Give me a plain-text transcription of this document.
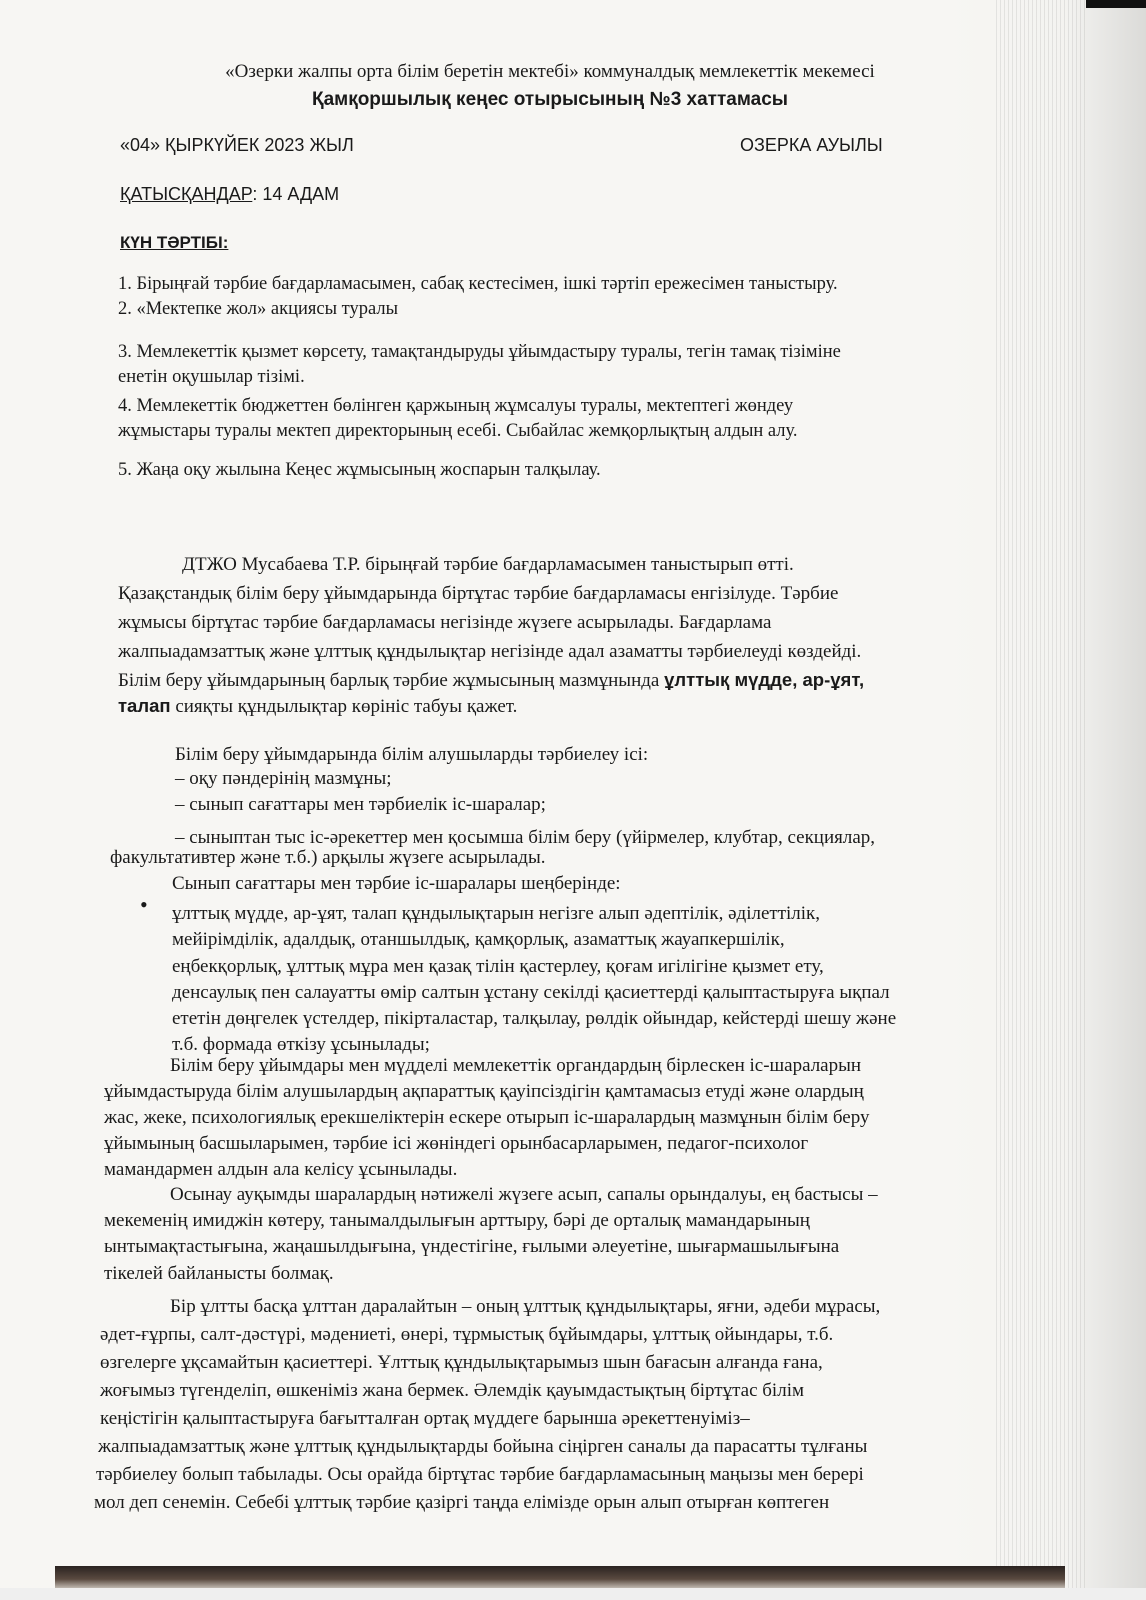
«Озерки жалпы орта білім беретін мектебі» коммуналдық мемлекеттік мекемесі
Қамқоршылық кеңес отырысының №3 хаттамасы
«04» ҚЫРКҮЙЕК 2023 ЖЫЛ	ОЗЕРКА АУЫЛЫ
ҚАТЫСҚАНДАР: 14 АДАМ
КҮН ТӘРТІБІ:
1. Бірыңғай тәрбие бағдарламасымен, сабақ кестесімен, ішкі тәртіп ережесімен таныстыру.
2. «Мектепке жол» акциясы туралы
3. Мемлекеттік қызмет көрсету, тамақтандыруды ұйымдастыру туралы, тегін тамақ тізіміне
енетін оқушылар тізімі.
4. Мемлекеттік бюджеттен бөлінген қаржының жұмсалуы туралы, мектептегі жөндеу
жұмыстары туралы мектеп директорының есебі. Сыбайлас жемқорлықтың алдын алу.
5. Жаңа оқу жылына Кеңес жұмысының жоспарын талқылау.
ДТЖО Мусабаева Т.Р. бірыңғай тәрбие бағдарламасымен таныстырып өтті.
Қазақстандық білім беру ұйымдарында біртұтас тәрбие бағдарламасы енгізілуде. Тәрбие
жұмысы біртұтас тәрбие бағдарламасы негізінде жүзеге асырылады. Бағдарлама
жалпыадамзаттық және ұлттық құндылықтар негізінде адал азаматты тәрбиелеуді көздейді.
Білім беру ұйымдарының барлық тәрбие жұмысының мазмұнында ұлттық мүдде, ар-ұят,
талап сияқты құндылықтар көрініс табуы қажет.
Білім беру ұйымдарында білім алушыларды тәрбиелеу ісі:
– оқу пәндерінің мазмұны;
– сынып сағаттары мен тәрбиелік іс-шаралар;
– сыныптан тыс іс-әрекеттер мен қосымша білім беру (үйірмелер, клубтар, секциялар,
факультативтер және т.б.) арқылы жүзеге асырылады.
Сынып сағаттары мен тәрбие іс-шаралары шеңберінде:
• ұлттық мүдде, ар-ұят, талап құндылықтарын негізге алып әдептілік, әділеттілік,
мейірімділік, адалдық, отаншылдық, қамқорлық, азаматтық жауапкершілік,
еңбекқорлық, ұлттық мұра мен қазақ тілін қастерлеу, қоғам игілігіне қызмет ету,
денсаулық пен салауатты өмір салтын ұстану секілді қасиеттерді қалыптастыруға ықпал
ететін дөңгелек үстелдер, пікірталастар, талқылау, рөлдік ойындар, кейстерді шешу және
т.б. формада өткізу ұсынылады;
Білім беру ұйымдары мен мүдделі мемлекеттік органдардың бірлескен іс-шараларын
ұйымдастыруда білім алушылардың ақпараттық қауіпсіздігін қамтамасыз етуді және олардың
жас, жеке, психологиялық ерекшеліктерін ескере отырып іс-шаралардың мазмұнын білім беру
ұйымының басшыларымен, тәрбие ісі жөніндегі орынбасарларымен, педагог-психолог
мамандармен алдын ала келісу ұсынылады.
Осынау ауқымды шаралардың нәтижелі жүзеге асып, сапалы орындалуы, ең бастысы –
мекеменің имиджін көтеру, танымалдылығын арттыру, бәрі де орталық мамандарының
ынтымақтастығына, жаңашылдығына, үндестігіне, ғылыми әлеуетіне, шығармашылығына
тікелей байланысты болмақ.
Бір ұлтты басқа ұлттан даралайтын – оның ұлттық құндылықтары, яғни, әдеби мұрасы,
әдет-ғұрпы, салт-дәстүрі, мәдениеті, өнері, тұрмыстық бұйымдары, ұлттық ойындары, т.б.
өзгелерге ұқсамайтын қасиеттері. Ұлттық құндылықтарымыз шын бағасын алғанда ғана,
жоғымыз түгенделіп, өшкеніміз жана бермек. Әлемдік қауымдастықтың біртұтас білім
кеңістігін қалыптастыруға бағытталған ортақ мүддеге барынша әрекеттенуіміз–
жалпыадамзаттық және ұлттық құндылықтарды бойына сіңірген саналы да парасатты тұлғаны
тәрбиелеу болып табылады. Осы орайда біртұтас тәрбие бағдарламасының маңызы мен берері
мол деп сенемін. Себебі ұлттық тәрбие қазіргі таңда елімізде орын алып отырған көптеген
